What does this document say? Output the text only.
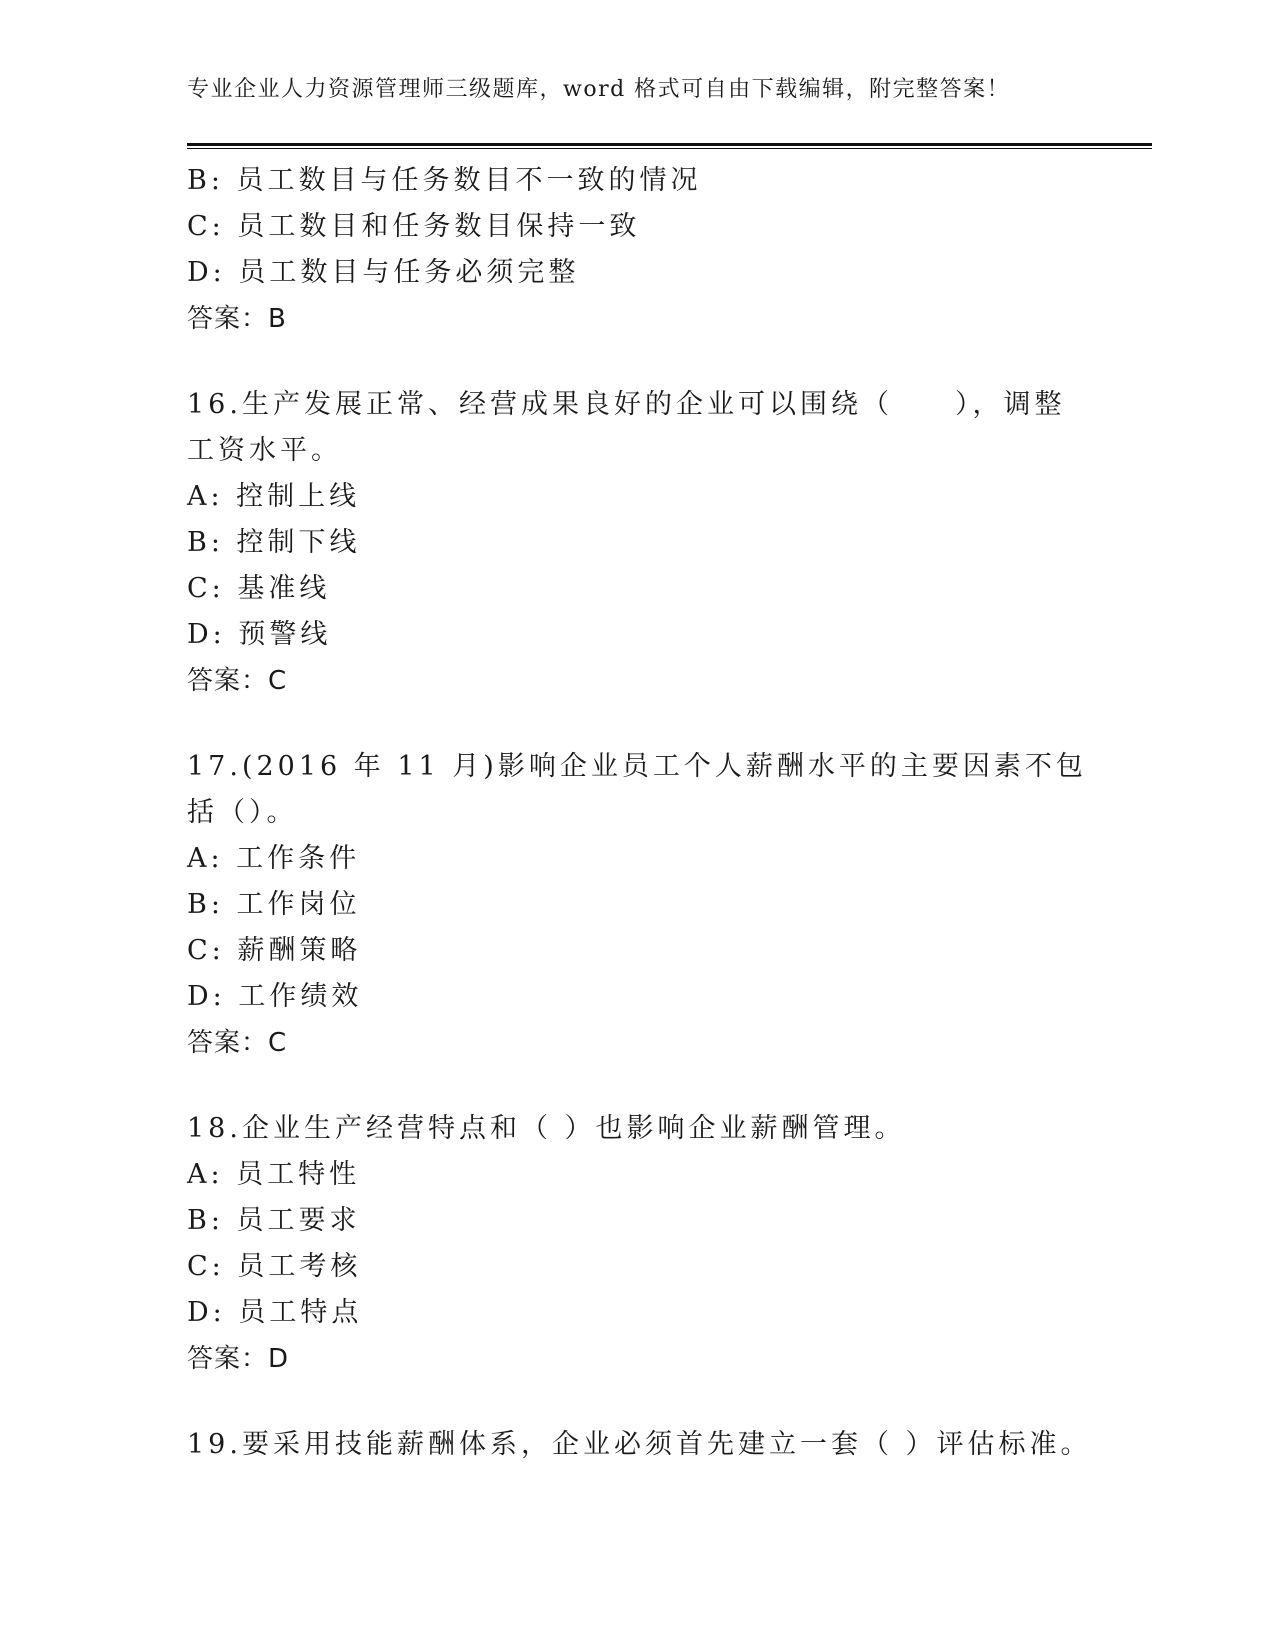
专业企业人力资源管理师三级题库，word 格式可自由下载编辑，附完整答案！
B: 员工数目与任务数目不一致的情况
C: 员工数目和任务数目保持一致
D: 员工数目与任务必须完整
答案：B
16.生产发展正常、经营成果良好的企业可以围绕（　　），调整工资水平。
A: 控制上线
B: 控制下线
C: 基准线
D: 预警线
答案：C
17.(2016 年 11 月)影响企业员工个人薪酬水平的主要因素不包括（）。
A: 工作条件
B: 工作岗位
C: 薪酬策略
D: 工作绩效
答案：C
18.企业生产经营特点和（ ）也影响企业薪酬管理。
A: 员工特性
B: 员工要求
C: 员工考核
D: 员工特点
答案：D
19.要采用技能薪酬体系，企业必须首先建立一套（ ）评估标准。
